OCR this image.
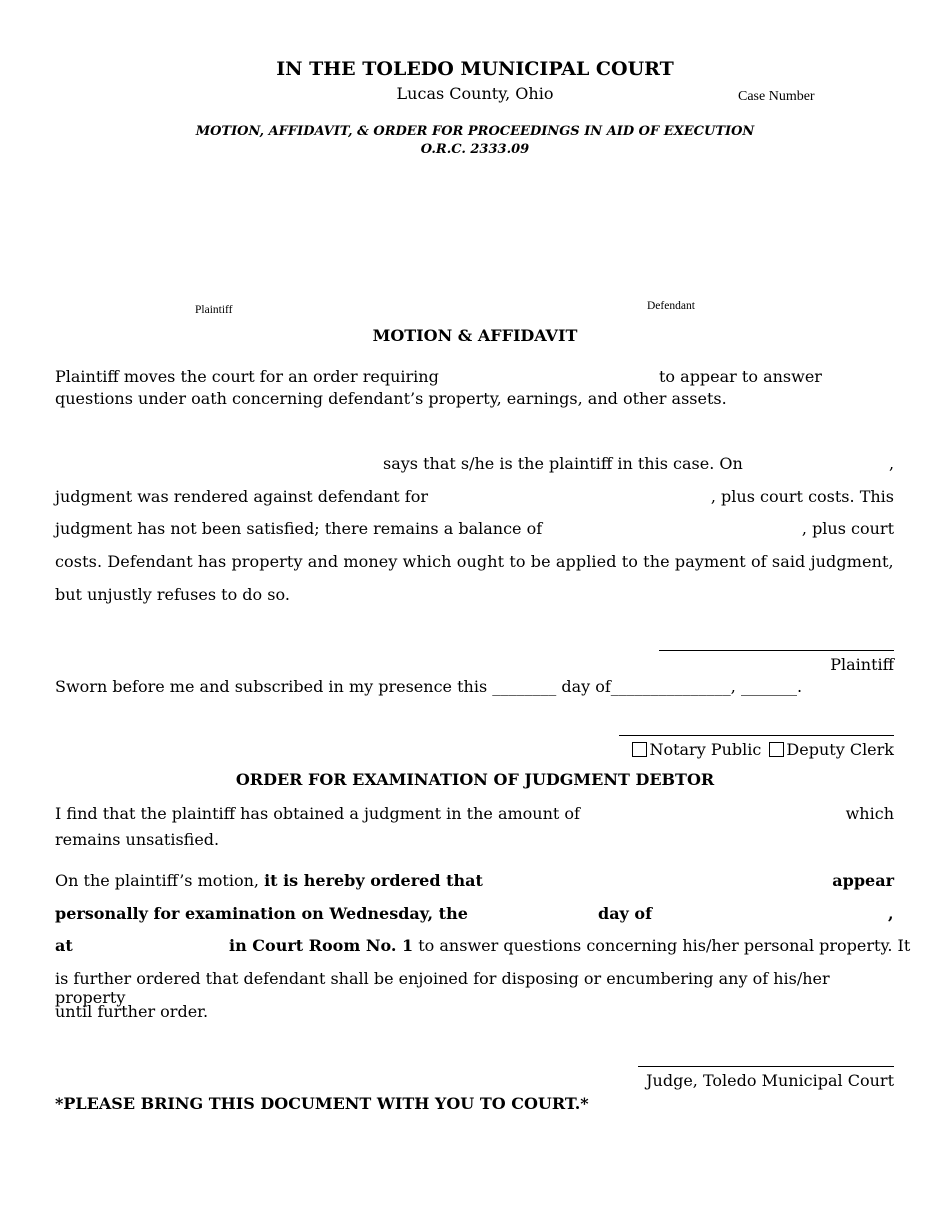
IN THE TOLEDO MUNICIPAL COURT
Lucas County, Ohio	Case Number
MOTION, AFFIDAVIT, & ORDER FOR PROCEEDINGS IN AID OF EXECUTION
O.R.C. 2333.09
Plaintiff	Defendant
MOTION & AFFIDAVIT
Plaintiff moves the court for an order requiring	to appear to answer
questions under oath concerning defendant’s property, earnings, and other assets.
says that s/he is the plaintiff in this case. On	,
judgment was rendered against defendant for	, plus court costs. This
judgment has not been satisfied; there remains a balance of	, plus court
costs. Defendant has property and money which ought to be applied to the payment of said judgment,
but unjustly refuses to do so.
Plaintiff
Sworn before me and subscribed in my presence this ________ day of_______________, _______.
Notary Public Deputy Clerk
ORDER FOR EXAMINATION OF JUDGMENT DEBTOR
I find that the plaintiff has obtained a judgment in the amount of	which
remains unsatisfied.
On the plaintiff’s motion, it is hereby ordered that	appear
personally for examination on Wednesday, the	day of	,
at	in Court Room No. 1 to answer questions concerning his/her personal property. It
is further ordered that defendant shall be enjoined for disposing or encumbering any of his/her property
until further order.
Judge, Toledo Municipal Court
*PLEASE BRING THIS DOCUMENT WITH YOU TO COURT.*
